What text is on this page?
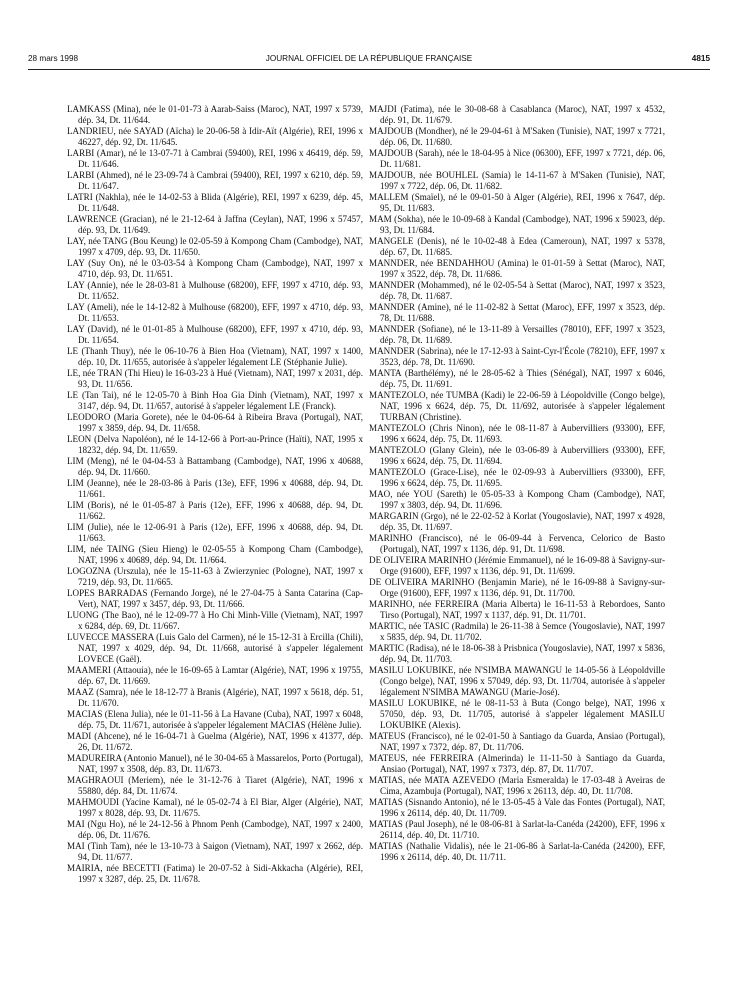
28 mars 1998	JOURNAL OFFICIEL DE LA RÉPUBLIQUE FRANÇAISE	4815

LAMKASS (Mina), née le 01-01-73 à Aarab-Saiss (Maroc), NAT, 1997 x 5739, dép. 34, Dt. 11/644.

LANDRIEU, née SAYAD (Aïcha) le 20-06-58 à Idir-Aït (Algérie), REI, 1996 x 46227, dép. 92, Dt. 11/645.

LARBI (Amar), né le 13-07-71 à Cambrai (59400), REI, 1996 x 46419, dép. 59, Dt. 11/646.

LARBI (Ahmed), né le 23-09-74 à Cambrai (59400), REI, 1997 x 6210, dép. 59, Dt. 11/647.

LATRI (Nakhla), née le 14-02-53 à Blida (Algérie), REI, 1997 x 6239, dép. 45, Dt. 11/648.

LAWRENCE (Gracian), né le 21-12-64 à Jaffna (Ceylan), NAT, 1996 x 57457, dép. 93, Dt. 11/649.

LAY, née TANG (Bou Keung) le 02-05-59 à Kompong Cham (Cambodge), NAT, 1997 x 4709, dép. 93, Dt. 11/650.

LAY (Suy On), né le 03-03-54 à Kompong Cham (Cambodge), NAT, 1997 x 4710, dép. 93, Dt. 11/651.

LAY (Annie), née le 28-03-81 à Mulhouse (68200), EFF, 1997 x 4710, dép. 93, Dt. 11/652.

LAY (Ameli), née le 14-12-82 à Mulhouse (68200), EFF, 1997 x 4710, dép. 93, Dt. 11/653.

LAY (David), né le 01-01-85 à Mulhouse (68200), EFF, 1997 x 4710, dép. 93, Dt. 11/654.

LE (Thanh Thuy), née le 06-10-76 à Bien Hoa (Vietnam), NAT, 1997 x 1400, dép. 10, Dt. 11/655, autorisée à s'appeler légalement LE (Stéphanie Julie).

LE, née TRAN (Thi Hieu) le 16-03-23 à Hué (Vietnam), NAT, 1997 x 2031, dép. 93, Dt. 11/656.

LE (Tan Tai), né le 12-05-70 à Binh Hoa Gia Dinh (Vietnam), NAT, 1997 x 3147, dép. 94, Dt. 11/657, autorisé à s'appeler légalement LE (Franck).

LEODORO (Maria Gorete), née le 04-06-64 à Ribeira Brava (Portugal), NAT, 1997 x 3859, dép. 94, Dt. 11/658.

LEON (Delva Napoléon), né le 14-12-66 à Port-au-Prince (Haïti), NAT, 1995 x 18232, dép. 94, Dt. 11/659.

LIM (Meng), né le 04-04-53 à Battambang (Cambodge), NAT, 1996 x 40688, dép. 94, Dt. 11/660.

LIM (Jeanne), née le 28-03-86 à Paris (13e), EFF, 1996 x 40688, dép. 94, Dt. 11/661.

LIM (Boris), né le 01-05-87 à Paris (12e), EFF, 1996 x 40688, dép. 94, Dt. 11/662.

LIM (Julie), née le 12-06-91 à Paris (12e), EFF, 1996 x 40688, dép. 94, Dt. 11/663.

LIM, née TAING (Sieu Hieng) le 02-05-55 à Kompong Cham (Cambodge), NAT, 1996 x 40689, dép. 94, Dt. 11/664.

LOGOZNA (Urszula), née le 15-11-63 à Zwierzyniec (Pologne), NAT, 1997 x 7219, dép. 93, Dt. 11/665.

LOPES BARRADAS (Fernando Jorge), né le 27-04-75 à Santa Catarina (Cap-Vert), NAT, 1997 x 3457, dép. 93, Dt. 11/666.

LUONG (The Bao), né le 12-09-77 à Ho Chi Minh-Ville (Vietnam), NAT, 1997 x 6284, dép. 69, Dt. 11/667.

LUVECCE MASSERA (Luis Galo del Carmen), né le 15-12-31 à Ercilla (Chili), NAT, 1997 x 4029, dép. 94, Dt. 11/668, autorisé à s'appeler légalement LOVECE (Gaël).

MAAMERI (Attaouia), née le 16-09-65 à Lamtar (Algérie), NAT, 1996 x 19755, dép. 67, Dt. 11/669.

MAAZ (Samra), née le 18-12-77 à Branis (Algérie), NAT, 1997 x 5618, dép. 51, Dt. 11/670.

MACIAS (Elena Julia), née le 01-11-56 à La Havane (Cuba), NAT, 1997 x 6048, dép. 75, Dt. 11/671, autorisée à s'appeler légalement MACIAS (Hélène Julie).

MADI (Ahcene), né le 16-04-71 à Guelma (Algérie), NAT, 1996 x 41377, dép. 26, Dt. 11/672.

MADUREIRA (Antonio Manuel), né le 30-04-65 à Massarelos, Porto (Portugal), NAT, 1997 x 3508, dép. 83, Dt. 11/673.

MAGHRAOUI (Meriem), née le 31-12-76 à Tiaret (Algérie), NAT, 1996 x 55880, dép. 84, Dt. 11/674.

MAHMOUDI (Yacine Kamal), né le 05-02-74 à El Biar, Alger (Algérie), NAT, 1997 x 8028, dép. 93, Dt. 11/675.

MAI (Ngu Ho), né le 24-12-56 à Phnom Penh (Cambodge), NAT, 1997 x 2400, dép. 06, Dt. 11/676.

MAI (Tinh Tam), née le 13-10-73 à Saigon (Vietnam), NAT, 1997 x 2662, dép. 94, Dt. 11/677.

MAIRIA, née BECETTI (Fatima) le 20-07-52 à Sidi-Akkacha (Algérie), REI, 1997 x 3287, dép. 25, Dt. 11/678.

MAJDI (Fatima), née le 30-08-68 à Casablanca (Maroc), NAT, 1997 x 4532, dép. 91, Dt. 11/679.

MAJDOUB (Mondher), né le 29-04-61 à M'Saken (Tunisie), NAT, 1997 x 7721, dép. 06, Dt. 11/680.

MAJDOUB (Sarah), née le 18-04-95 à Nice (06300), EFF, 1997 x 7721, dép. 06, Dt. 11/681.

MAJDOUB, née BOUHLEL (Samia) le 14-11-67 à M'Saken (Tunisie), NAT, 1997 x 7722, dép. 06, Dt. 11/682.

MALLEM (Smaïel), né le 09-01-50 à Alger (Algérie), REI, 1996 x 7647, dép. 95, Dt. 11/683.

MAM (Sokha), née le 10-09-68 à Kandal (Cambodge), NAT, 1996 x 59023, dép. 93, Dt. 11/684.

MANGELE (Denis), né le 10-02-48 à Edea (Cameroun), NAT, 1997 x 5378, dép. 67, Dt. 11/685.

MANNDER, née BENDAHHOU (Amina) le 01-01-59 à Settat (Maroc), NAT, 1997 x 3522, dép. 78, Dt. 11/686.

MANNDER (Mohammed), né le 02-05-54 à Settat (Maroc), NAT, 1997 x 3523, dép. 78, Dt. 11/687.

MANNDER (Amine), né le 11-02-82 à Settat (Maroc), EFF, 1997 x 3523, dép. 78, Dt. 11/688.

MANNDER (Sofiane), né le 13-11-89 à Versailles (78010), EFF, 1997 x 3523, dép. 78, Dt. 11/689.

MANNDER (Sabrina), née le 17-12-93 à Saint-Cyr-l'École (78210), EFF, 1997 x 3523, dép. 78, Dt. 11/690.

MANTA (Barthélémy), né le 28-05-62 à Thies (Sénégal), NAT, 1997 x 6046, dép. 75, Dt. 11/691.

MANTEZOLO, née TUMBA (Kadi) le 22-06-59 à Léopoldville (Congo belge), NAT, 1996 x 6624, dép. 75, Dt. 11/692, autorisée à s'appeler légalement TURBAN (Christine).

MANTEZOLO (Chris Ninon), née le 08-11-87 à Aubervilliers (93300), EFF, 1996 x 6624, dép. 75, Dt. 11/693.

MANTEZOLO (Glany Glein), née le 03-06-89 à Aubervilliers (93300), EFF, 1996 x 6624, dép. 75, Dt. 11/694.

MANTEZOLO (Grace-Lise), née le 02-09-93 à Aubervilliers (93300), EFF, 1996 x 6624, dép. 75, Dt. 11/695.

MAO, née YOU (Sareth) le 05-05-33 à Kompong Cham (Cambodge), NAT, 1997 x 3803, dép. 94, Dt. 11/696.

MARGARIN (Grgo), né le 22-02-52 à Korlat (Yougoslavie), NAT, 1997 x 4928, dép. 35, Dt. 11/697.

MARINHO (Francisco), né le 06-09-44 à Fervenca, Celorico de Basto (Portugal), NAT, 1997 x 1136, dép. 91, Dt. 11/698.

DE OLIVEIRA MARINHO (Jérémie Emmanuel), né le 16-09-88 à Savigny-sur-Orge (91600), EFF, 1997 x 1136, dép. 91, Dt. 11/699.

DE OLIVEIRA MARINHO (Benjamin Marie), né le 16-09-88 à Savigny-sur-Orge (91600), EFF, 1997 x 1136, dép. 91, Dt. 11/700.

MARINHO, née FERREIRA (Maria Alberta) le 16-11-53 à Rebordoes, Santo Tirso (Portugal), NAT, 1997 x 1137, dép. 91, Dt. 11/701.

MARTIC, née TASIC (Radmila) le 26-11-38 à Semce (Yougoslavie), NAT, 1997 x 5835, dép. 94, Dt. 11/702.

MARTIC (Radisa), né le 18-06-38 à Prisbnica (Yougoslavie), NAT, 1997 x 5836, dép. 94, Dt. 11/703.

MASILU LOKUBIKE, née N'SIMBA MAWANGU le 14-05-56 à Léopoldville (Congo belge), NAT, 1996 x 57049, dép. 93, Dt. 11/704, autorisée à s'appeler légalement N'SIMBA MAWANGU (Marie-José).

MASILU LOKUBIKE, né le 08-11-53 à Buta (Congo belge), NAT, 1996 x 57050, dép. 93, Dt. 11/705, autorisé à s'appeler légalement MASILU LOKUBIKE (Alexis).

MATEUS (Francisco), né le 02-01-50 à Santiago da Guarda, Ansiao (Portugal), NAT, 1997 x 7372, dép. 87, Dt. 11/706.

MATEUS, née FERREIRA (Almerinda) le 11-11-50 à Santiago da Guarda, Ansiao (Portugal), NAT, 1997 x 7373, dép. 87, Dt. 11/707.

MATIAS, née MATA AZEVEDO (Maria Esmeralda) le 17-03-48 à Aveiras de Cima, Azambuja (Portugal), NAT, 1996 x 26113, dép. 40, Dt. 11/708.

MATIAS (Sisnando Antonio), né le 13-05-45 à Vale das Fontes (Portugal), NAT, 1996 x 26114, dép. 40, Dt. 11/709.

MATIAS (Paul Joseph), né le 08-06-81 à Sarlat-la-Canéda (24200), EFF, 1996 x 26114, dép. 40, Dt. 11/710.

MATIAS (Nathalie Vidalis), née le 21-06-86 à Sarlat-la-Canéda (24200), EFF, 1996 x 26114, dép. 40, Dt. 11/711.
